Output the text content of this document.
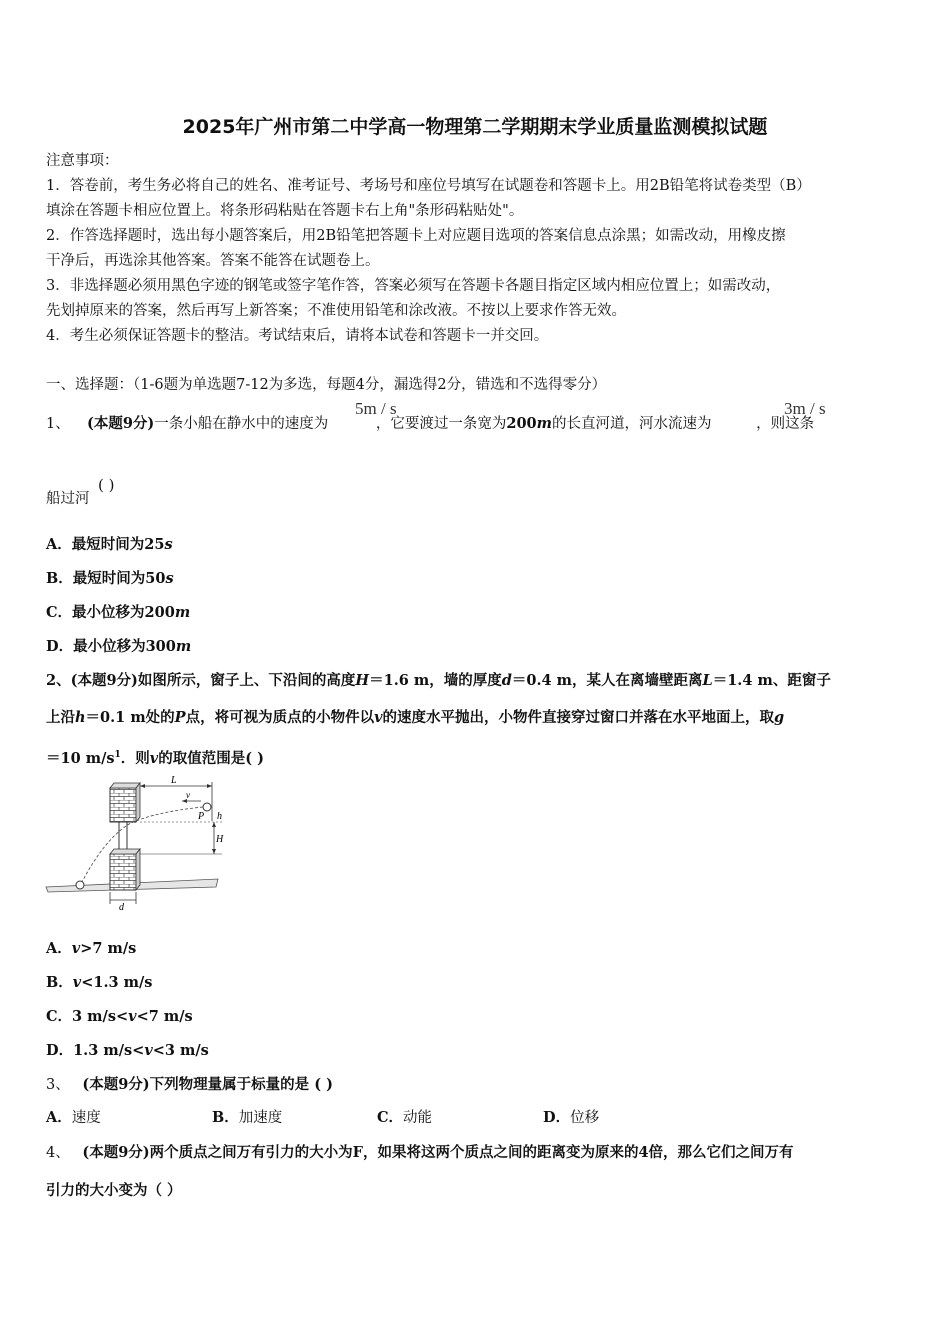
2025年广州市第二中学高一物理第二学期期末学业质量监测模拟试题
注意事项：
1．答卷前，考生务必将自己的姓名、准考证号、考场号和座位号填写在试题卷和答题卡上。用2B铅笔将试卷类型（B）
填涂在答题卡相应位置上。将条形码粘贴在答题卡右上角"条形码粘贴处"。
2．作答选择题时，选出每小题答案后，用2B铅笔把答题卡上对应题目选项的答案信息点涂黑；如需改动，用橡皮擦
干净后，再选涂其他答案。答案不能答在试题卷上。
3．非选择题必须用黑色字迹的钢笔或签字笔作答，答案必须写在答题卡各题目指定区域内相应位置上；如需改动，
先划掉原来的答案，然后再写上新答案；不准使用铅笔和涂改液。不按以上要求作答无效。
4．考生必须保证答题卡的整洁。考试结束后，请将本试卷和答题卡一并交回。
一、选择题：（1-6题为单选题7-12为多选，每题4分，漏选得2分，错选和不选得零分）
5m / s	3m / s
1、 (本题9分)一条小船在静水中的速度为	，它要渡过一条宽为200m的长直河道，河水流速为	，则这条
( )
船过河
A．最短时间为25s
B．最短时间为50s
C．最小位移为200m
D．最小位移为300m
2、(本题9分)如图所示，窗子上、下沿间的高度H＝1.6 m，墙的厚度d＝0.4 m，某人在离墙壁距离L＝1.4 m、距窗子
上沿h＝0.1 m处的P点，将可视为质点的小物件以v的速度水平抛出，小物件直接穿过窗口并落在水平地面上，取g
＝10 $m/s^1$．则v的取值范围是( )
L
v
P h
H
d
A．v>7 m/s
B．v<1.3 m/s
C．3 m/s<v<7 m/s
D．1.3 m/s<v<3 m/s
3、 (本题9分)下列物理量属于标量的是 ( )
A．速度	B．加速度	C．动能	D．位移
4、 (本题9分)两个质点之间万有引力的大小为F，如果将这两个质点之间的距离变为原来的4倍，那么它们之间万有
引力的大小变为（ ）
